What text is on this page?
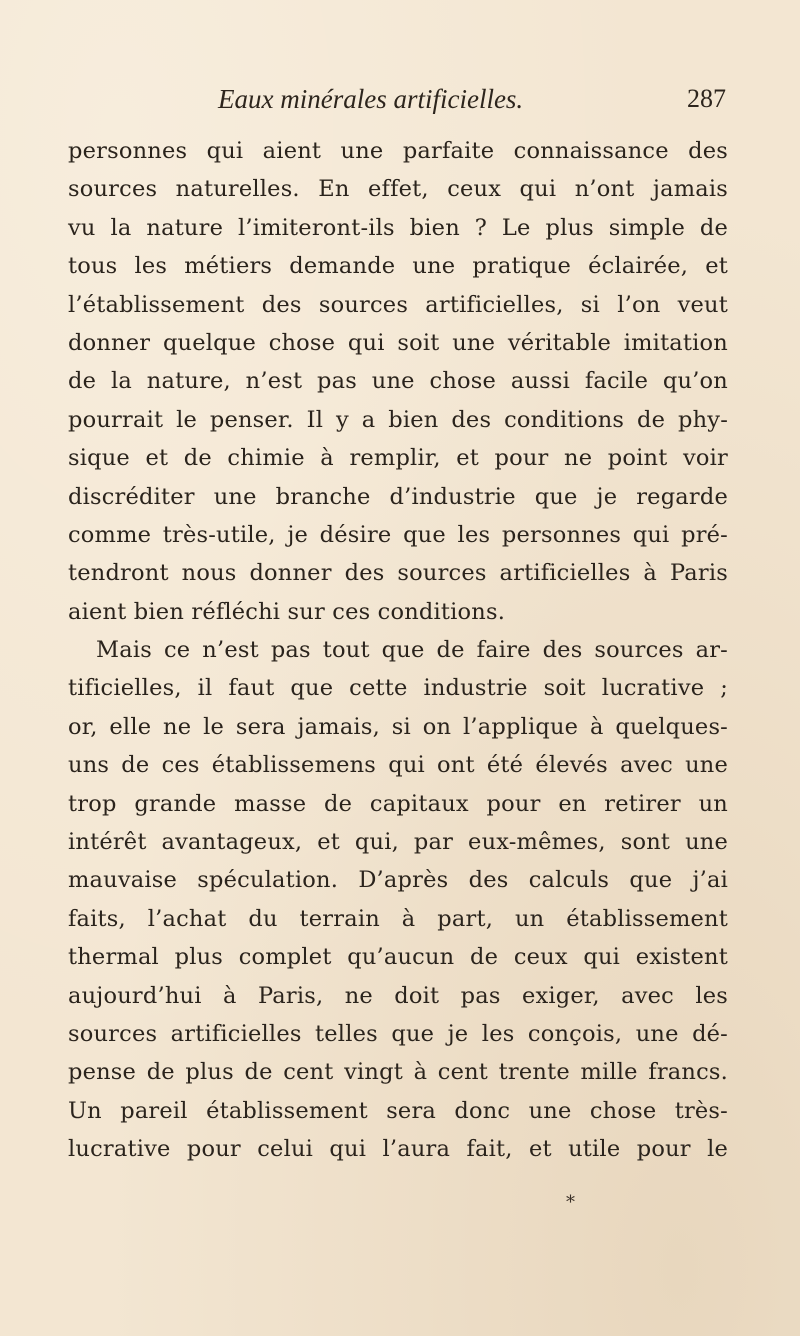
Eaux minérales artificielles.	287
personnes qui aient une parfaite connaissance des
sources naturelles. En effet, ceux qui n’ont jamais
vu la nature l’imiteront-ils bien ? Le plus simple de
tous les métiers demande une pratique éclairée, et
l’établissement des sources artificielles, si l’on veut
donner quelque chose qui soit une véritable imitation
de la nature, n’est pas une chose aussi facile qu’on
pourrait le penser. Il y a bien des conditions de phy-
sique et de chimie à remplir, et pour ne point voir
discréditer une branche d’industrie que je regarde
comme très-utile, je désire que les personnes qui pré-
tendront nous donner des sources artificielles à Paris
aient bien réfléchi sur ces conditions.
Mais ce n’est pas tout que de faire des sources ar-
tificielles, il faut que cette industrie soit lucrative ;
or, elle ne le sera jamais, si on l’applique à quelques-
uns de ces établissemens qui ont été élevés avec une
trop grande masse de capitaux pour en retirer un
intérêt avantageux, et qui, par eux-mêmes, sont une
mauvaise spéculation. D’après des calculs que j’ai
faits, l’achat du terrain à part, un établissement
thermal plus complet qu’aucun de ceux qui existent
aujourd’hui à Paris, ne doit pas exiger, avec les
sources artificielles telles que je les conçois, une dé-
pense de plus de cent vingt à cent trente mille francs.
Un pareil établissement sera donc une chose très-
lucrative pour celui qui l’aura fait, et utile pour le
*
